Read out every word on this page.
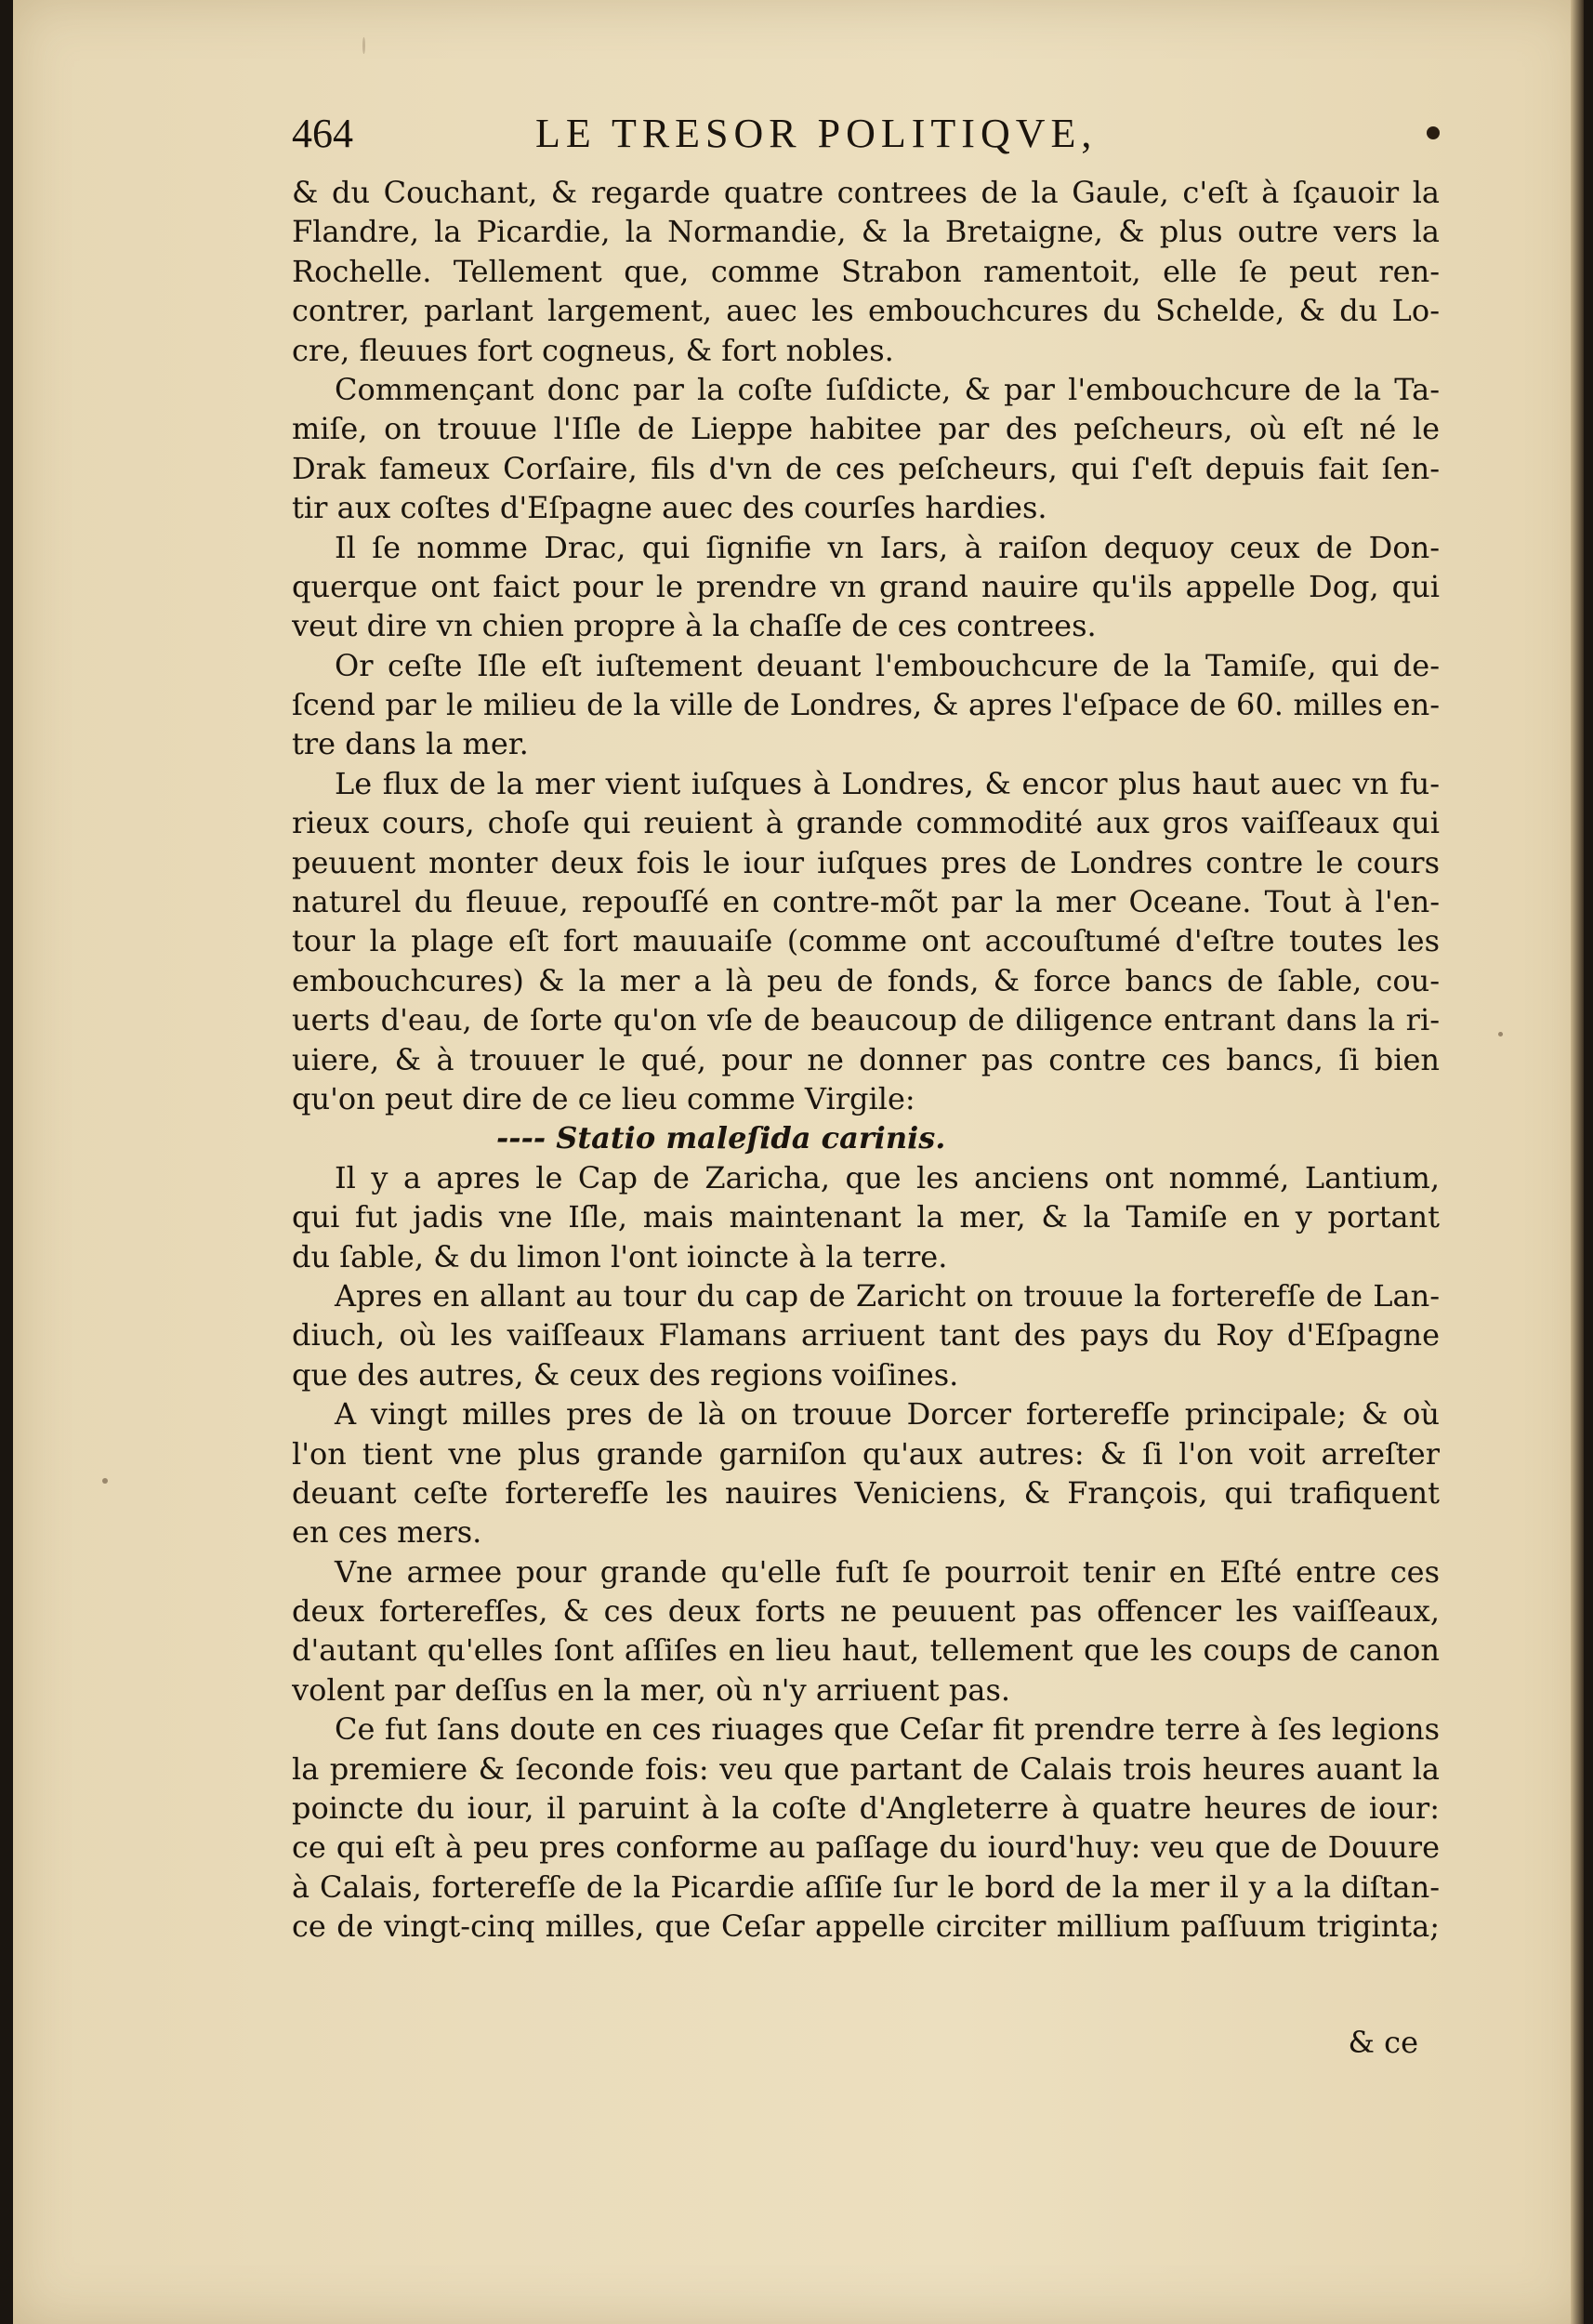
464	LE TRESOR POLITIQVE,
& du Couchant, & regarde quatre contrees de la Gaule, c'eſt à ſçauoir la
Flandre, la Picardie, la Normandie, & la Bretaigne, & plus outre vers la
Rochelle. Tellement que, comme Strabon ramentoit, elle ſe peut ren-
contrer, parlant largement, auec les embouchcures du Schelde, & du Lo-
cre, fleuues fort cogneus, & fort nobles.
Commençant donc par la coſte ſuſdicte, & par l'embouchcure de la Ta-
miſe, on trouue l'Iſle de Lieppe habitee par des peſcheurs, où eſt né le
Drak fameux Corſaire, fils d'vn de ces peſcheurs, qui ſ'eſt depuis fait ſen-
tir aux coſtes d'Eſpagne auec des courſes hardies.
Il ſe nomme Drac, qui ſignifie vn Iars, à raiſon dequoy ceux de Don-
querque ont faict pour le prendre vn grand nauire qu'ils appelle Dog, qui
veut dire vn chien propre à la chaſſe de ces contrees.
Or ceſte Iſle eſt iuſtement deuant l'embouchcure de la Tamiſe, qui de-
ſcend par le milieu de la ville de Londres, & apres l'eſpace de 60. milles en-
tre dans la mer.
Le flux de la mer vient iuſques à Londres, & encor plus haut auec vn fu-
rieux cours, choſe qui reuient à grande commodité aux gros vaiſſeaux qui
peuuent monter deux fois le iour iuſques pres de Londres contre le cours
naturel du fleuue, repouſſé en contre-mõt par la mer Oceane. Tout à l'en-
tour la plage eſt fort mauuaiſe (comme ont accouſtumé d'eſtre toutes les
embouchcures) & la mer a là peu de fonds, & force bancs de ſable, cou-
uerts d'eau, de ſorte qu'on vſe de beaucoup de diligence entrant dans la ri-
uiere, & à trouuer le qué, pour ne donner pas contre ces bancs, ſi bien
qu'on peut dire de ce lieu comme Virgile:
---- Statio maleſida carinis.
Il y a apres le Cap de Zaricha, que les anciens ont nommé, Lantium,
qui fut jadis vne Iſle, mais maintenant la mer, & la Tamiſe en y portant
du ſable, & du limon l'ont ioincte à la terre.
Apres en allant au tour du cap de Zaricht on trouue la forterefſe de Lan-
diuch, où les vaiſſeaux Flamans arriuent tant des pays du Roy d'Eſpagne
que des autres, & ceux des regions voiſines.
A vingt milles pres de là on trouue Dorcer forterefſe principale; & où
l'on tient vne plus grande garniſon qu'aux autres: & ſi l'on voit arreſter
deuant ceſte forterefſe les nauires Veniciens, & François, qui trafiquent
en ces mers.
Vne armee pour grande qu'elle fuſt ſe pourroit tenir en Eſté entre ces
deux forterefſes, & ces deux forts ne peuuent pas offencer les vaiſſeaux,
d'autant qu'elles ſont aſſiſes en lieu haut, tellement que les coups de canon
volent par deſſus en la mer, où n'y arriuent pas.
Ce fut ſans doute en ces riuages que Ceſar fit prendre terre à ſes legions
la premiere & ſeconde fois: veu que partant de Calais trois heures auant la
poincte du iour, il paruint à la coſte d'Angleterre à quatre heures de iour:
ce qui eſt à peu pres conforme au paſſage du iourd'huy: veu que de Douure
à Calais, forterefſe de la Picardie aſſiſe ſur le bord de la mer il y a la diſtan-
ce de vingt-cinq milles, que Ceſar appelle circiter millium paſſuum triginta;
& ce
